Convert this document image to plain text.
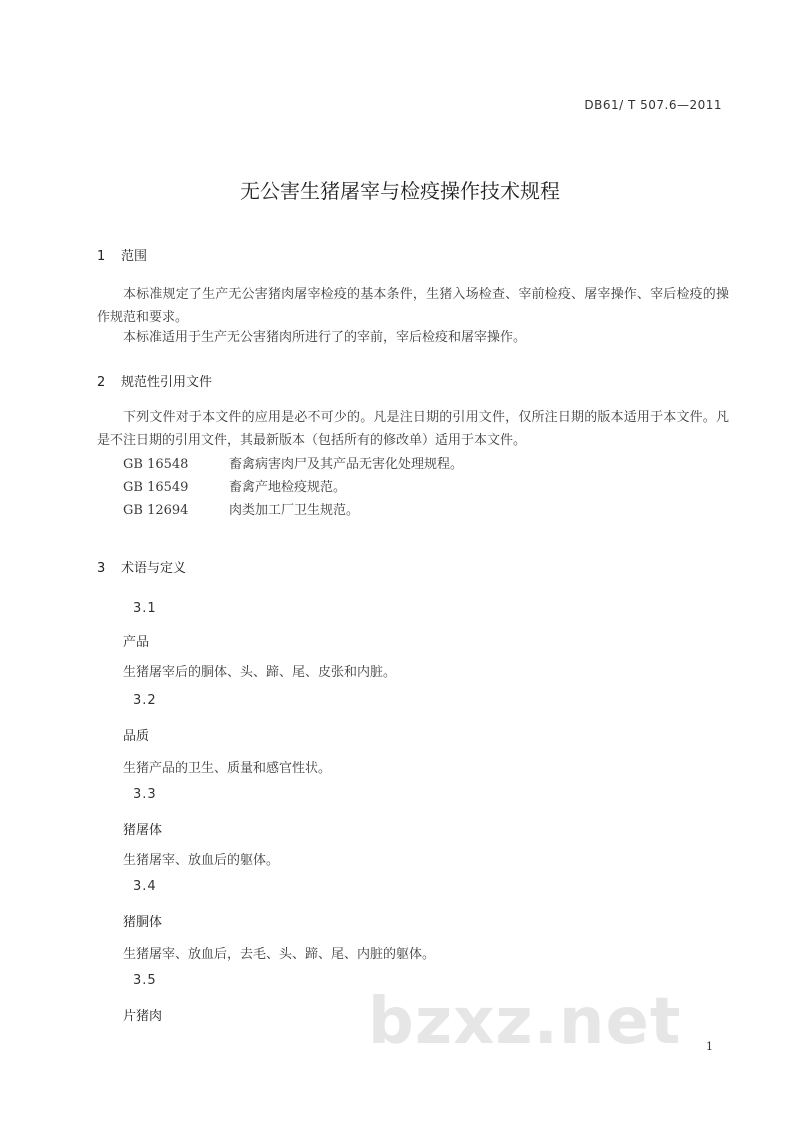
DB61/ T 507.6—2011
无公害生猪屠宰与检疫操作技术规程
1 范围
本标准规定了生产无公害猪肉屠宰检疫的基本条件，生猪入场检查、宰前检疫、屠宰操作、宰后检疫的操作规范和要求。
本标准适用于生产无公害猪肉所进行了的宰前，宰后检疫和屠宰操作。
2 规范性引用文件
下列文件对于本文件的应用是必不可少的。凡是注日期的引用文件，仅所注日期的版本适用于本文件。凡是不注日期的引用文件，其最新版本（包括所有的修改单）适用于本文件。
GB 16548	畜禽病害肉尸及其产品无害化处理规程。
GB 16549	畜禽产地检疫规范。
GB 12694	肉类加工厂卫生规范。
3 术语与定义
3.1
产品
生猪屠宰后的胴体、头、蹄、尾、皮张和内脏。
3.2
品质
生猪产品的卫生、质量和感官性状。
3.3
猪屠体
生猪屠宰、放血后的躯体。
3.4
猪胴体
生猪屠宰、放血后，去毛、头、蹄、尾、内脏的躯体。
3.5
片猪肉	bzxz.net 1
